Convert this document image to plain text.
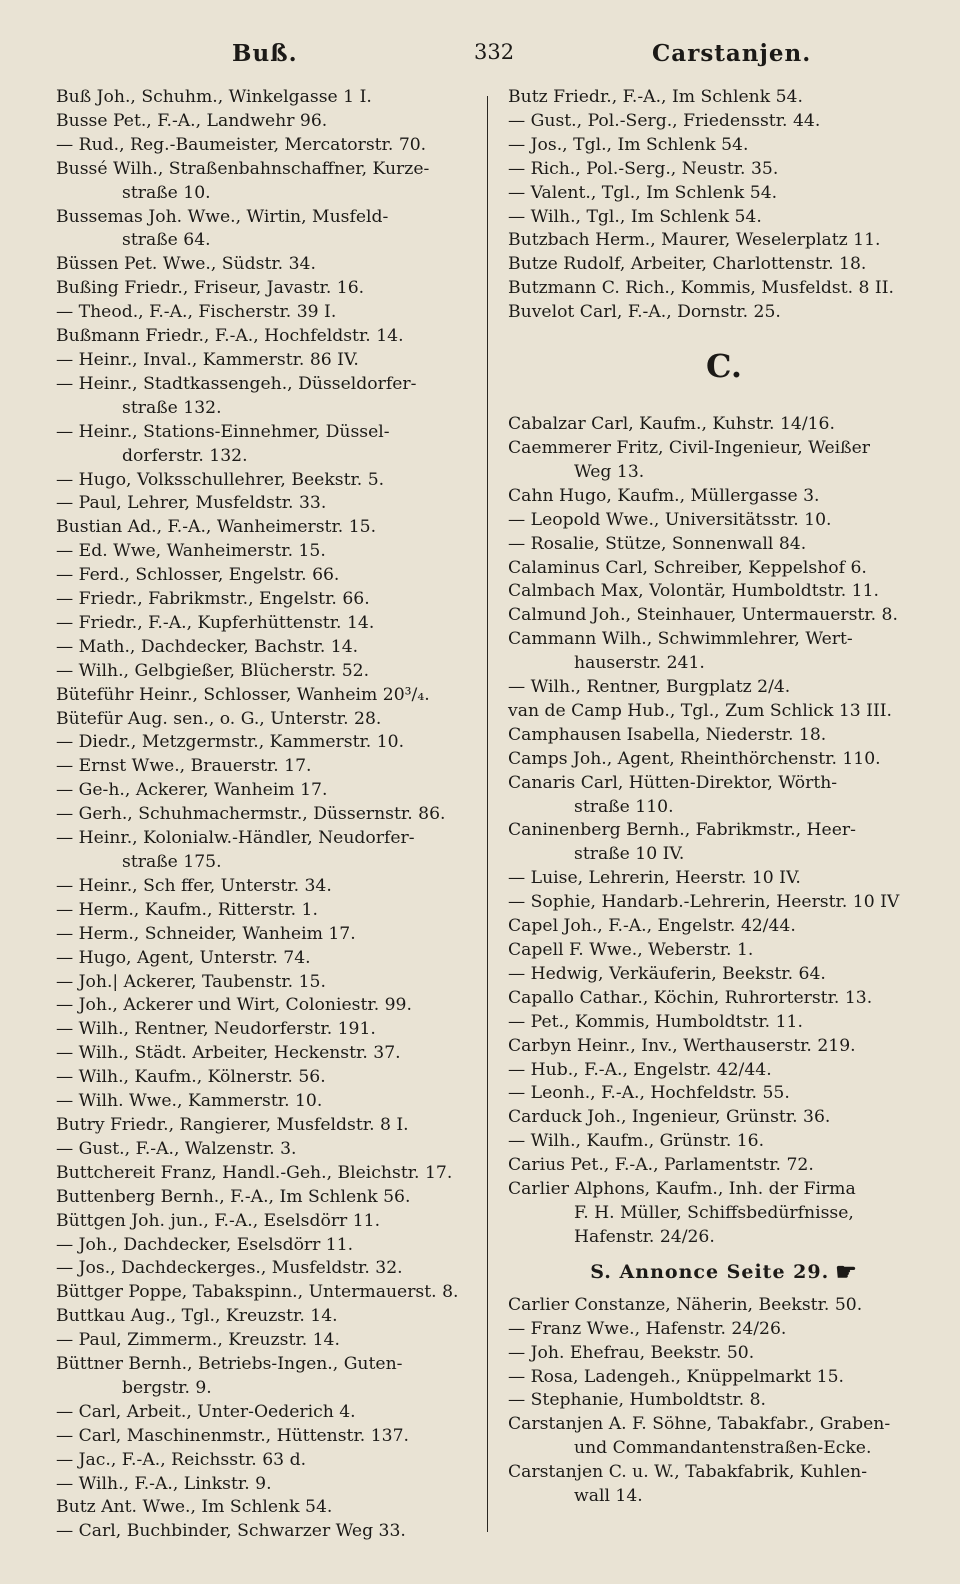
Buß.	332	Carstanjen.
Buß Joh., Schuhm., Winkelgasse 1 I.
Busse Pet., F.-A., Landwehr 96.
— Rud., Reg.-Baumeister, Mercatorstr. 70.
Bussé Wilh., Straßenbahnschaffner, Kurze-
straße 10.
Bussemas Joh. Wwe., Wirtin, Musfeld-
straße 64.
Büssen Pet. Wwe., Südstr. 34.
Bußing Friedr., Friseur, Javastr. 16.
— Theod., F.-A., Fischerstr. 39 I.
Bußmann Friedr., F.-A., Hochfeldstr. 14.
— Heinr., Inval., Kammerstr. 86 IV.
— Heinr., Stadtkassengeh., Düsseldorfer-
straße 132.
— Heinr., Stations-Einnehmer, Düssel-
dorferstr. 132.
— Hugo, Volksschullehrer, Beekstr. 5.
— Paul, Lehrer, Musfeldstr. 33.
Bustian Ad., F.-A., Wanheimerstr. 15.
— Ed. Wwe, Wanheimerstr. 15.
— Ferd., Schlosser, Engelstr. 66.
— Friedr., Fabrikmstr., Engelstr. 66.
— Friedr., F.-A., Kupferhüttenstr. 14.
— Math., Dachdecker, Bachstr. 14.
— Wilh., Gelbgießer, Blücherstr. 52.
Büteführ Heinr., Schlosser, Wanheim 20³/₄.
Bütefür Aug. sen., o. G., Unterstr. 28.
— Diedr., Metzgermstr., Kammerstr. 10.
— Ernst Wwe., Brauerstr. 17.
— Ge-h., Ackerer, Wanheim 17.
— Gerh., Schuhmachermstr., Düssernstr. 86.
— Heinr., Kolonialw.-Händler, Neudorfer-
straße 175.
— Heinr., Sch ffer, Unterstr. 34.
— Herm., Kaufm., Ritterstr. 1.
— Herm., Schneider, Wanheim 17.
— Hugo, Agent, Unterstr. 74.
— Joh.| Ackerer, Taubenstr. 15.
— Joh., Ackerer und Wirt, Coloniestr. 99.
— Wilh., Rentner, Neudorferstr. 191.
— Wilh., Städt. Arbeiter, Heckenstr. 37.
— Wilh., Kaufm., Kölnerstr. 56.
— Wilh. Wwe., Kammerstr. 10.
Butry Friedr., Rangierer, Musfeldstr. 8 I.
— Gust., F.-A., Walzenstr. 3.
Buttchereit Franz, Handl.-Geh., Bleichstr. 17.
Buttenberg Bernh., F.-A., Im Schlenk 56.
Büttgen Joh. jun., F.-A., Eselsdörr 11.
— Joh., Dachdecker, Eselsdörr 11.
— Jos., Dachdeckerges., Musfeldstr. 32.
Büttger Poppe, Tabakspinn., Untermauerst. 8.
Buttkau Aug., Tgl., Kreuzstr. 14.
— Paul, Zimmerm., Kreuzstr. 14.
Büttner Bernh., Betriebs-Ingen., Guten-
bergstr. 9.
— Carl, Arbeit., Unter-Oederich 4.
— Carl, Maschinenmstr., Hüttenstr. 137.
— Jac., F.-A., Reichsstr. 63 d.
— Wilh., F.-A., Linkstr. 9.
Butz Ant. Wwe., Im Schlenk 54.
— Carl, Buchbinder, Schwarzer Weg 33.
Butz Friedr., F.-A., Im Schlenk 54.
— Gust., Pol.-Serg., Friedensstr. 44.
— Jos., Tgl., Im Schlenk 54.
— Rich., Pol.-Serg., Neustr. 35.
— Valent., Tgl., Im Schlenk 54.
— Wilh., Tgl., Im Schlenk 54.
Butzbach Herm., Maurer, Weselerplatz 11.
Butze Rudolf, Arbeiter, Charlottenstr. 18.
Butzmann C. Rich., Kommis, Musfeldst. 8 II.
Buvelot Carl, F.-A., Dornstr. 25.
C.
Cabalzar Carl, Kaufm., Kuhstr. 14/16.
Caemmerer Fritz, Civil-Ingenieur, Weißer
Weg 13.
Cahn Hugo, Kaufm., Müllergasse 3.
— Leopold Wwe., Universitätsstr. 10.
— Rosalie, Stütze, Sonnenwall 84.
Calaminus Carl, Schreiber, Keppelshof 6.
Calmbach Max, Volontär, Humboldtstr. 11.
Calmund Joh., Steinhauer, Untermauerstr. 8.
Cammann Wilh., Schwimmlehrer, Wert-
hauserstr. 241.
— Wilh., Rentner, Burgplatz 2/4.
van de Camp Hub., Tgl., Zum Schlick 13 III.
Camphausen Isabella, Niederstr. 18.
Camps Joh., Agent, Rheinthörchenstr. 110.
Canaris Carl, Hütten-Direktor, Wörth-
straße 110.
Caninenberg Bernh., Fabrikmstr., Heer-
straße 10 IV.
— Luise, Lehrerin, Heerstr. 10 IV.
— Sophie, Handarb.-Lehrerin, Heerstr. 10 IV
Capel Joh., F.-A., Engelstr. 42/44.
Capell F. Wwe., Weberstr. 1.
— Hedwig, Verkäuferin, Beekstr. 64.
Capallo Cathar., Köchin, Ruhrorterstr. 13.
— Pet., Kommis, Humboldtstr. 11.
Carbyn Heinr., Inv., Werthauserstr. 219.
— Hub., F.-A., Engelstr. 42/44.
— Leonh., F.-A., Hochfeldstr. 55.
Carduck Joh., Ingenieur, Grünstr. 36.
— Wilh., Kaufm., Grünstr. 16.
Carius Pet., F.-A., Parlamentstr. 72.
Carlier Alphons, Kaufm., Inh. der Firma
F. H. Müller, Schiffsbedürfnisse,
Hafenstr. 24/26.
S. Annonce Seite 29. ☛
Carlier Constanze, Näherin, Beekstr. 50.
— Franz Wwe., Hafenstr. 24/26.
— Joh. Ehefrau, Beekstr. 50.
— Rosa, Ladengeh., Knüppelmarkt 15.
— Stephanie, Humboldtstr. 8.
Carstanjen A. F. Söhne, Tabakfabr., Graben-
und Commandantenstraßen-Ecke.
Carstanjen C. u. W., Tabakfabrik, Kuhlen-
wall 14.
